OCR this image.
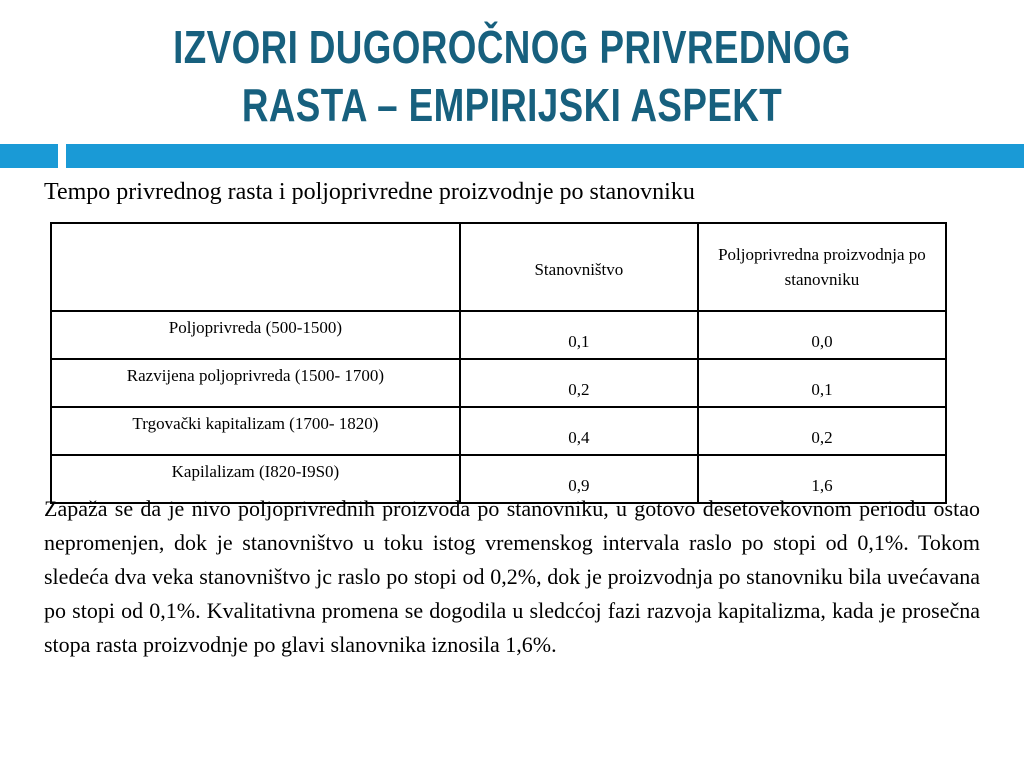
IZVORI DUGOROČNOG PRIVREDNOG
RASTA – EMPIRIJSKI ASPEKT
Tempo privrednog rasta i poljoprivredne proizvodnje po stanovniku
	Stanovništvo	Poljoprivredna proizvodnja po stanovniku
Poljoprivreda (500-1500)	0,1	0,0
Razvijena poljoprivreda (1500- 1700)	0,2	0,1
Trgovački kapitalizam (1700- 1820)	0,4	0,2
Kapilalizam (I820-I9S0)	0,9	1,6
Zapaža se da je nivo poljoprivrednih proizvoda po stanovniku, u gotovo desetovekovnom periodu ostao nepromenjen, dok je stanovništvo u toku istog vremenskog intervala raslo po stopi od 0,1%. Tokom sledeća dva veka stanovništvo jc raslo po stopi od 0,2%, dok je proizvodnja po stanovniku bila uvećavana po stopi od 0,1%. Kvalitativna promena se dogodila u sledcćoj fazi razvoja kapitalizma, kada je prosečna stopa rasta proizvodnje po glavi slanovnika iznosila 1,6%.
